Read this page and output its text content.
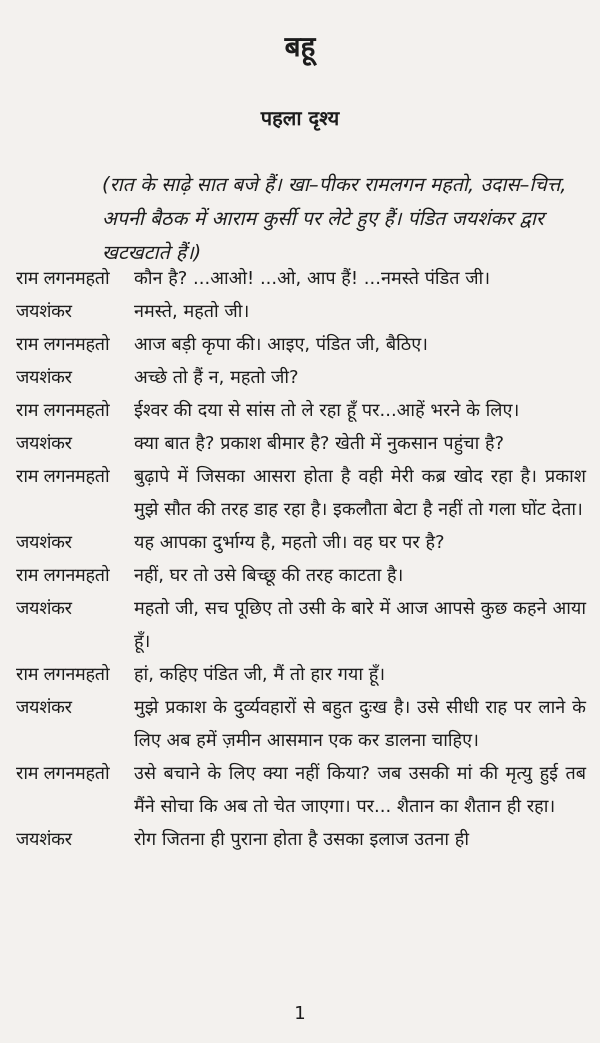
बहू
पहला दृश्य
(रात के साढ़े सात बजे हैं। खा–पीकर रामलगन महतो, उदास–चित्त, अपनी बैठक में आराम कुर्सी पर लेटे हुए हैं। पंडित जयशंकर द्वार खटखटाते हैं।)
राम लगनमहतो	कौन है? ...आओ! ...ओ, आप हैं! ...नमस्ते पंडित जी।
जयशंकर	नमस्ते, महतो जी।
राम लगनमहतो	आज बड़ी कृपा की। आइए, पंडित जी, बैठिए।
जयशंकर	अच्छे तो हैं न, महतो जी?
राम लगनमहतो	ईश्वर की दया से सांस तो ले रहा हूँ पर...आहें भरने के लिए।
जयशंकर	क्या बात है? प्रकाश बीमार है? खेती में नुकसान पहुंचा है?
राम लगनमहतो	बुढ़ापे में जिसका आसरा होता है वही मेरी कब्र खोद रहा है। प्रकाश मुझे सौत की तरह डाह रहा है। इकलौता बेटा है नहीं तो गला घोंट देता।
जयशंकर	यह आपका दुर्भाग्य है, महतो जी। वह घर पर है?
राम लगनमहतो	नहीं, घर तो उसे बिच्छू की तरह काटता है।
जयशंकर	महतो जी, सच पूछिए तो उसी के बारे में आज आपसे कुछ कहने आया हूँ।
राम लगनमहतो	हां, कहिए पंडित जी, मैं तो हार गया हूँ।
जयशंकर	मुझे प्रकाश के दुर्व्यवहारों से बहुत दुःख है। उसे सीधी राह पर लाने के लिए अब हमें ज़मीन आसमान एक कर डालना चाहिए।
राम लगनमहतो	उसे बचाने के लिए क्या नहीं किया? जब उसकी मां की मृत्यु हुई तब मैंने सोचा कि अब तो चेत जाएगा। पर... शैतान का शैतान ही रहा।
जयशंकर	रोग जितना ही पुराना होता है उसका इलाज उतना ही
1
